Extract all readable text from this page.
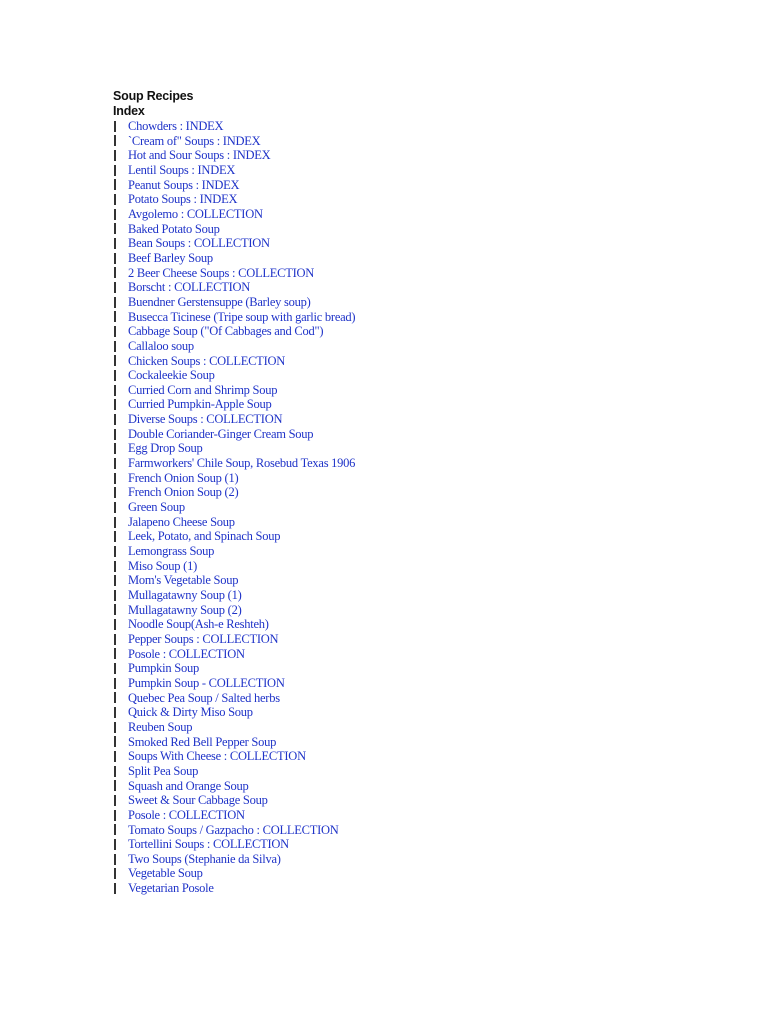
Soup Recipes
Index
Chowders : INDEX
`Cream of" Soups : INDEX
Hot and Sour Soups : INDEX
Lentil Soups : INDEX
Peanut Soups : INDEX
Potato Soups : INDEX
Avgolemo : COLLECTION
Baked Potato Soup
Bean Soups : COLLECTION
Beef Barley Soup
2 Beer Cheese Soups : COLLECTION
Borscht : COLLECTION
Buendner Gerstensuppe (Barley soup)
Busecca Ticinese (Tripe soup with garlic bread)
Cabbage Soup ("Of Cabbages and Cod")
Callaloo soup
Chicken Soups : COLLECTION
Cockaleekie Soup
Curried Corn and Shrimp Soup
Curried Pumpkin-Apple Soup
Diverse Soups : COLLECTION
Double Coriander-Ginger Cream Soup
Egg Drop Soup
Farmworkers' Chile Soup, Rosebud Texas 1906
French Onion Soup (1)
French Onion Soup (2)
Green Soup
Jalapeno Cheese Soup
Leek, Potato, and Spinach Soup
Lemongrass Soup
Miso Soup (1)
Mom's Vegetable Soup
Mullagatawny Soup (1)
Mullagatawny Soup (2)
Noodle Soup(Ash-e Reshteh)
Pepper Soups : COLLECTION
Posole : COLLECTION
Pumpkin Soup
Pumpkin Soup - COLLECTION
Quebec Pea Soup / Salted herbs
Quick & Dirty Miso Soup
Reuben Soup
Smoked Red Bell Pepper Soup
Soups With Cheese : COLLECTION
Split Pea Soup
Squash and Orange Soup
Sweet & Sour Cabbage Soup
Posole : COLLECTION
Tomato Soups / Gazpacho : COLLECTION
Tortellini Soups : COLLECTION
Two Soups (Stephanie da Silva)
Vegetable Soup
Vegetarian Posole
